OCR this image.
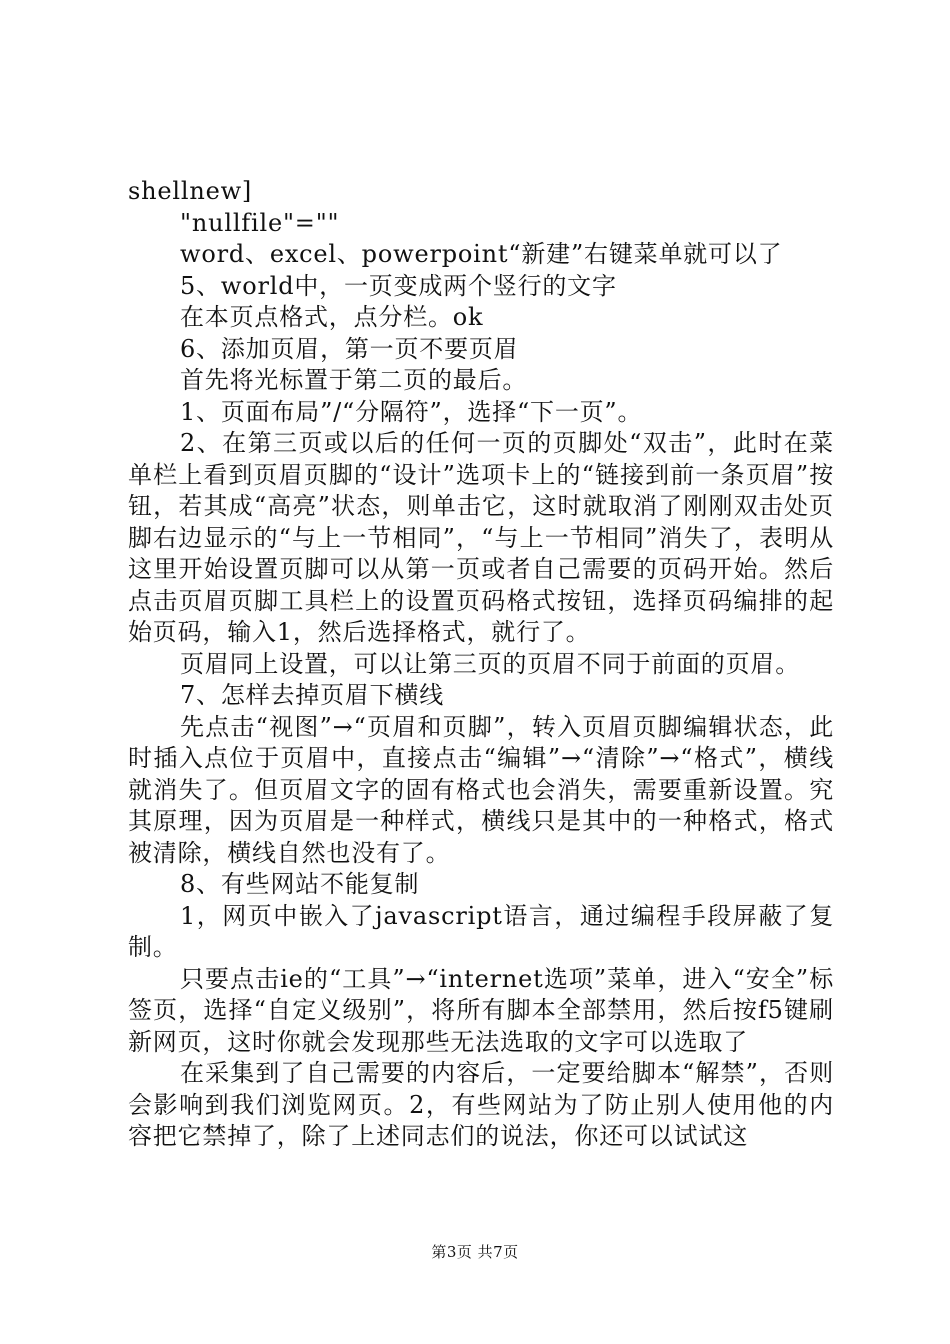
shellnew]

"nullfile"=""

word、excel、powerpoint“新建”右键菜单就可以了

5、world中，一页变成两个竖行的文字

在本页点格式，点分栏。ok

6、添加页眉，第一页不要页眉

首先将光标置于第二页的最后。

1、页面布局”/“分隔符”，选择“下一页”。

2、在第三页或以后的任何一页的页脚处“双击”，此时在菜单栏上看到页眉页脚的“设计”选项卡上的“链接到前一条页眉”按钮，若其成“高亮”状态，则单击它，这时就取消了刚刚双击处页脚右边显示的“与上一节相同”，“与上一节相同”消失了，表明从这里开始设置页脚可以从第一页或者自己需要的页码开始。然后点击页眉页脚工具栏上的设置页码格式按钮，选择页码编排的起始页码，输入1，然后选择格式，就行了。

页眉同上设置，可以让第三页的页眉不同于前面的页眉。

7、怎样去掉页眉下横线

先点击“视图”→“页眉和页脚”，转入页眉页脚编辑状态，此时插入点位于页眉中，直接点击“编辑”→“清除”→“格式”，横线就消失了。但页眉文字的固有格式也会消失，需要重新设置。究其原理，因为页眉是一种样式，横线只是其中的一种格式，格式被清除，横线自然也没有了。

8、有些网站不能复制

1，网页中嵌入了javascript语言，通过编程手段屏蔽了复制。

只要点击ie的“工具”→“internet选项”菜单，进入“安全”标签页，选择“自定义级别”，将所有脚本全部禁用，然后按f5键刷新网页，这时你就会发现那些无法选取的文字可以选取了

在采集到了自己需要的内容后，一定要给脚本“解禁”，否则会影响到我们浏览网页。2，有些网站为了防止别人使用他的内容把它禁掉了，除了上述同志们的说法，你还可以试试这

第3页 共7页
